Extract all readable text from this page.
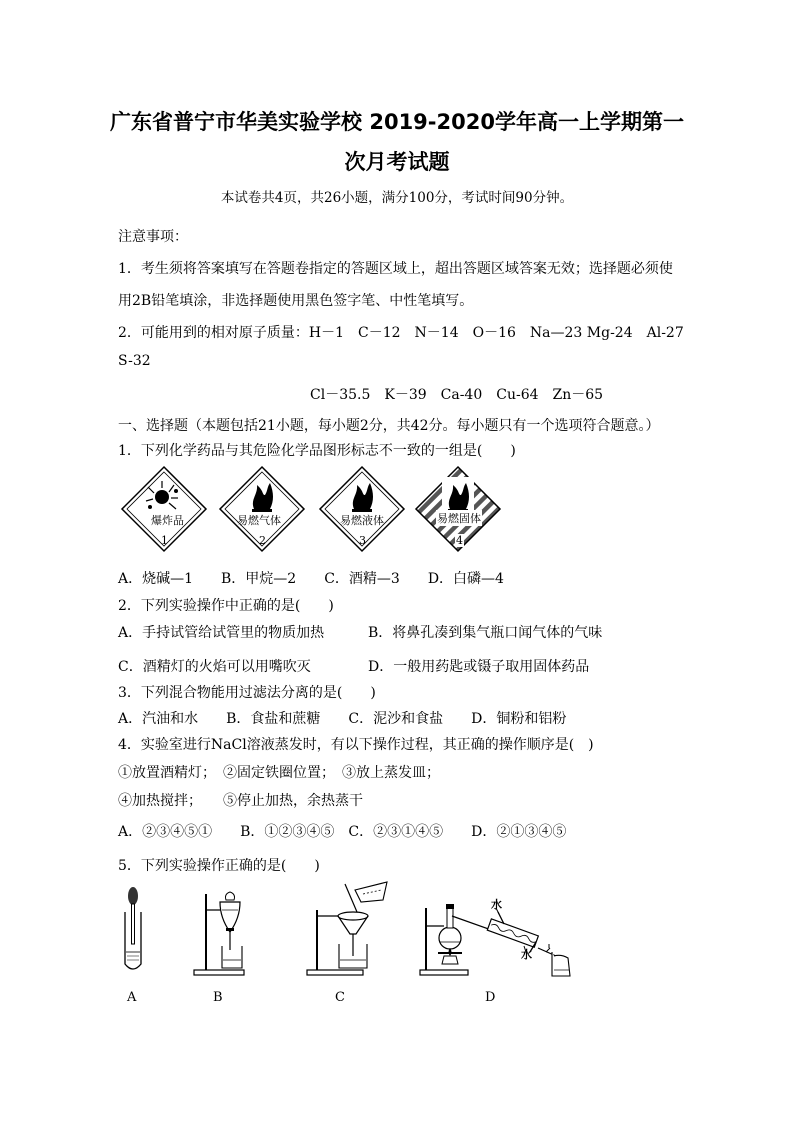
广东省普宁市华美实验学校 2019-2020学年高一上学期第一
次月考试题
本试卷共4页，共26小题，满分100分，考试时间90分钟。
注意事项：
1．考生须将答案填写在答题卷指定的答题区域上，超出答题区域答案无效；选择题必须使
用2B铅笔填涂，非选择题使用黑色签字笔、中性笔填写。
2．可能用到的相对原子质量：H－1　C－12　N－14　O－16　Na—23 Mg-24　Al-27
S-32
Cl－35.5　K－39　Ca-40　Cu-64　Zn－65
一、选择题（本题包括21小题，每小题2分，共42分。每小题只有一个选项符合题意。）
1．下列化学药品与其危险化学品图形标志不一致的一组是(　　)
爆炸品
1
易燃气体
2
易燃液体
3
易燃固体
4
A．烧碱—1　　B．甲烷—2　　C．酒精—3　　D．白磷—4
2．下列实验操作中正确的是(　　)
A．手持试管给试管里的物质加热	B．将鼻孔凑到集气瓶口闻气体的气味
C．酒精灯的火焰可以用嘴吹灭	D．一般用药匙或镊子取用固体药品
3．下列混合物能用过滤法分离的是(　　)
A．汽油和水　　B．食盐和蔗糖　　C．泥沙和食盐　　D．铜粉和铝粉
4．实验室进行NaCl溶液蒸发时，有以下操作过程，其正确的操作顺序是(　)
①放置酒精灯；　②固定铁圈位置；　③放上蒸发皿；
④加热搅拌；　　⑤停止加热，余热蒸干
A．②③④⑤①　　B．①②③④⑤　C．②③①④⑤　　D．②①③④⑤
5．下列实验操作正确的是(　　)
水
水
A	B	C	D
